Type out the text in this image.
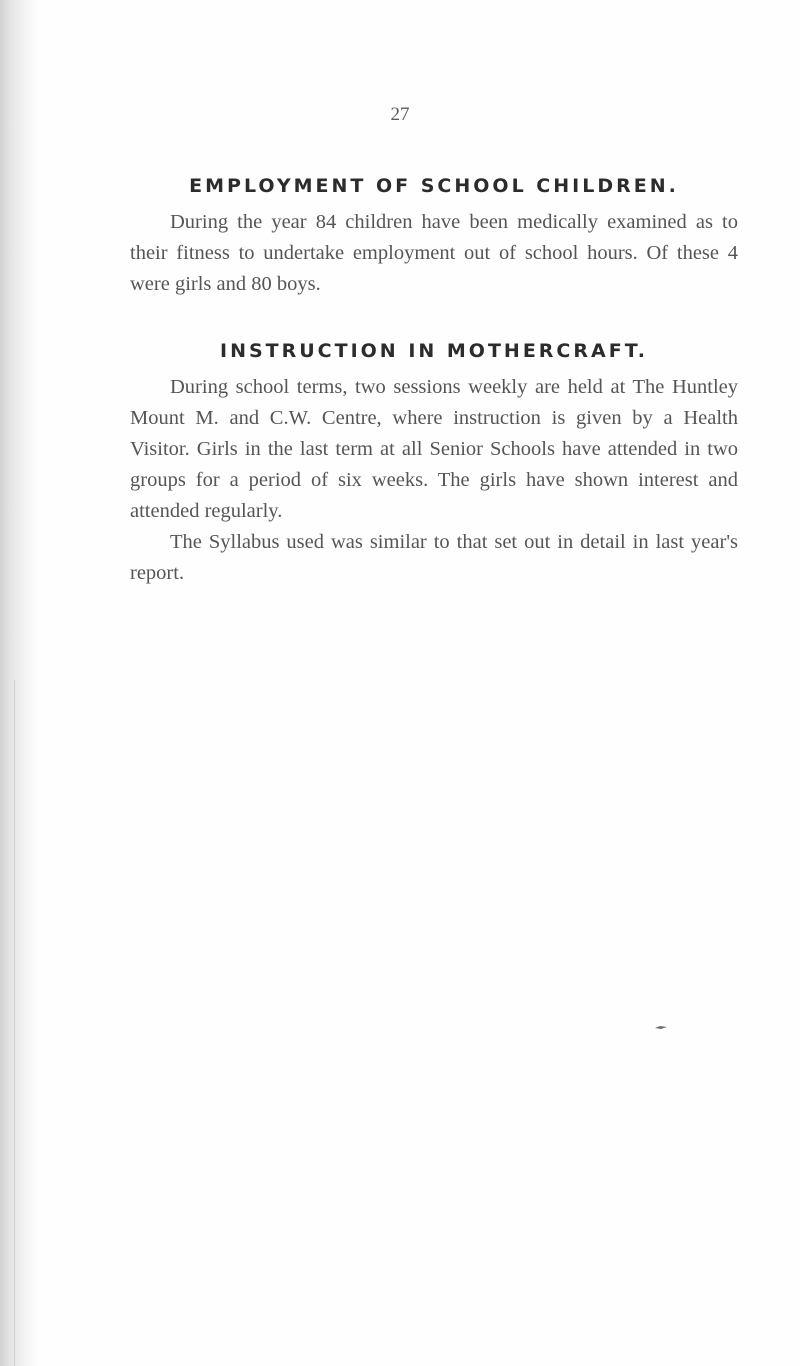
27
EMPLOYMENT OF SCHOOL CHILDREN.

During the year 84 children have been medically examined as to their fitness to undertake employment out of school hours. Of these 4 were girls and 80 boys.

INSTRUCTION IN MOTHERCRAFT.

During school terms, two sessions weekly are held at The Huntley Mount M. and C.W. Centre, where instruction is given by a Health Visitor. Girls in the last term at all Senior Schools have attended in two groups for a period of six weeks. The girls have shown interest and attended regularly.

The Syllabus used was similar to that set out in detail in last year's report.
